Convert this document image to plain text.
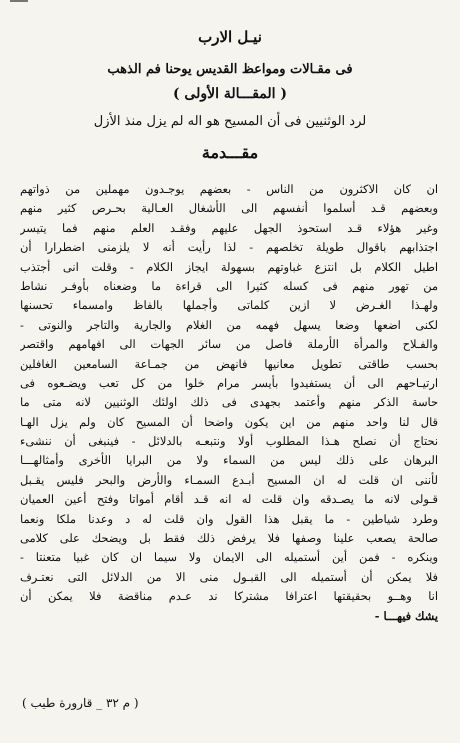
نيـل الارب
فى مقـالات ومواعظ القديس يوحنا فم الذهب
( المقـــالة الأولى )
لرد الوثنيين فى أن المسيح هو اله لم يزل منذ الأزل
مقـــدمة
ان كان الاكثرون من الناس - بعضهم يوجـدون مهملين من ذواتهم
وبعضهم قـد أسلموا أنفسهم الى الأشغال العـالية بحـرص كثير منهم
وغير هؤلاء قـد استحوذ الجهل عليهم وفقـد العلم منهم فما يتيسر
اجتذابهم باقوال طويلة تخلصهم - لذا رأيت أنه لا يلزمنى اضطرارا أن
اطيل الكلام بل انتزع غباوتهم بسهولة ايجاز الكلام - وقلت انى أجتذب
من تهور منهم فى كسله كثيرا الى قراءة ما وضعناه بأوفـر نشاط
ولهـذا الغـرض لا ازين كلماتى وأجملها بالفاظ وامسماء تحسنها
لكنى اضعها وضعا يسهل فهمه من الغلام والجارية والتاجر والنوتى -
والفـلاح والمرأة الأرملة فاصل من سائر الجهات الى افهامهم واقتصر
بحسب طاقتى تطويل معانيها فانهض من جمـاعة السامعين الغافلين
ارتيـاحهم الى أن يستفيدوا بأيسر مرام خلوا من كل تعب ويضـعوه فى
حاسة الذكر منهم وأعتمد بجهدى فى ذلك اولئك الوثنيين لانه متى ما
قال لنا واحد منهم من اين يكون واضحا أن المسيح كان ولم يزل الهـا
نحتاج أن نصلح هـذا المطلوب أولا ونتبعـه بالدلائل - فينبغى أن ننشىء
البرهان على ذلك ليس من السماء ولا من البرايا الأخرى وأمثالهـــا
لأننى ان قلت له ان المسيح أبـدع السمـاء والأرض والبحر فليس يقـبل
قـولى لانه ما يصـدقه وان قلت له انه قـد أقام أمواتا وفتح أعين العميان
وطرد شياطين - ما يقبل هذا القول وان قلت له د وعدنا ملكا ونعما
صالحة يصعب علينا وصفها فلا يرفض ذلك فقط بل ويضحك على كلامى
وينكره - فمن أين أستميله الى الايمان ولا سيما ان كان غبيا متعنتا -
فلا يمكن أن أستميله الى القبـول منى الا من الدلائل التى نعتـرف
انا وهــو بحقيقتها اعترافا مشتركا ند عـدم مناقضة فلا يمكن أن
يشك فيهـــا -
( م ٣٢ _ قارورة طيب )
